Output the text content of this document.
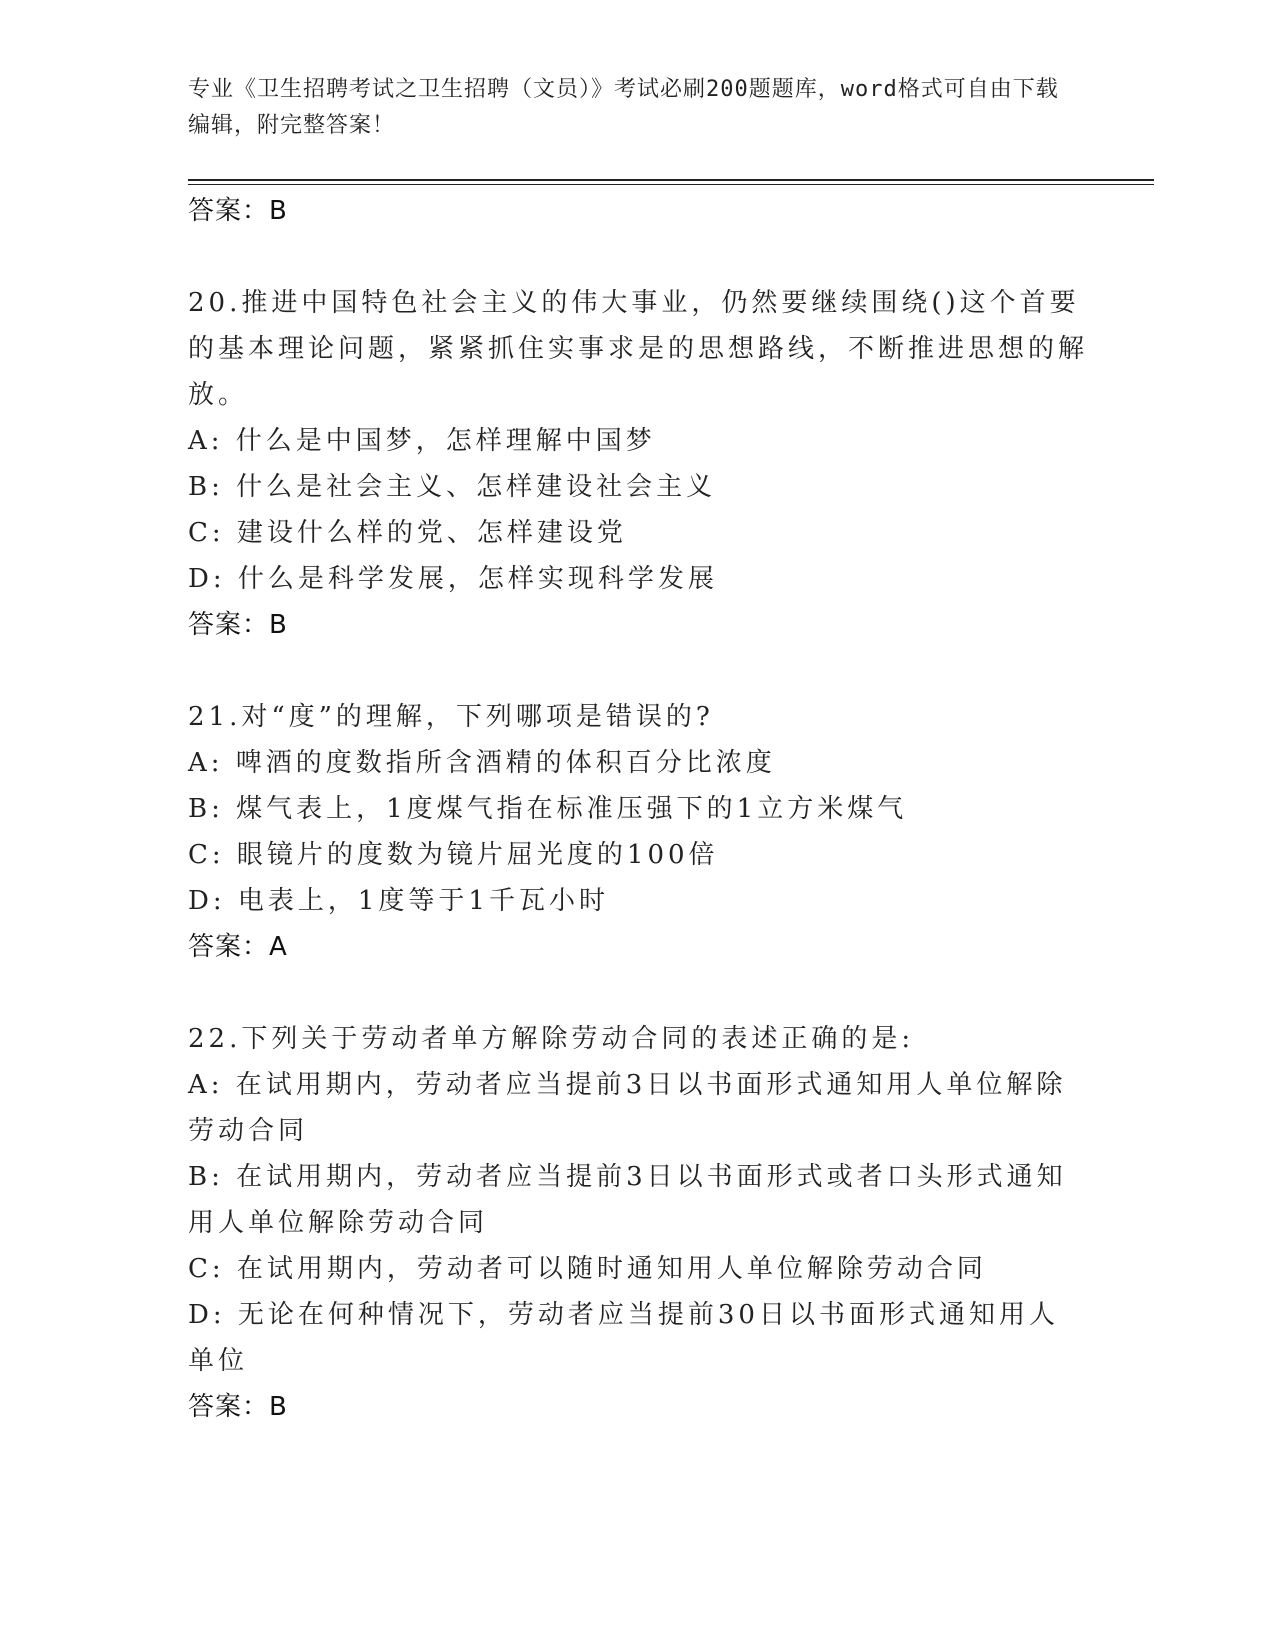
专业《卫生招聘考试之卫生招聘（文员）》考试必刷200题题库，word格式可自由下载编辑，附完整答案！
答案：B
20.推进中国特色社会主义的伟大事业，仍然要继续围绕()这个首要的基本理论问题，紧紧抓住实事求是的思想路线，不断推进思想的解放。
A: 什么是中国梦，怎样理解中国梦
B: 什么是社会主义、怎样建设社会主义
C: 建设什么样的党、怎样建设党
D: 什么是科学发展，怎样实现科学发展
答案：B
21.对“度”的理解，下列哪项是错误的?
A: 啤酒的度数指所含酒精的体积百分比浓度
B: 煤气表上，1度煤气指在标准压强下的1立方米煤气
C: 眼镜片的度数为镜片屈光度的100倍
D: 电表上，1度等于1千瓦小时
答案：A
22.下列关于劳动者单方解除劳动合同的表述正确的是:
A: 在试用期内，劳动者应当提前3日以书面形式通知用人单位解除劳动合同
B: 在试用期内，劳动者应当提前3日以书面形式或者口头形式通知用人单位解除劳动合同
C: 在试用期内，劳动者可以随时通知用人单位解除劳动合同
D: 无论在何种情况下，劳动者应当提前30日以书面形式通知用人单位
答案：B
